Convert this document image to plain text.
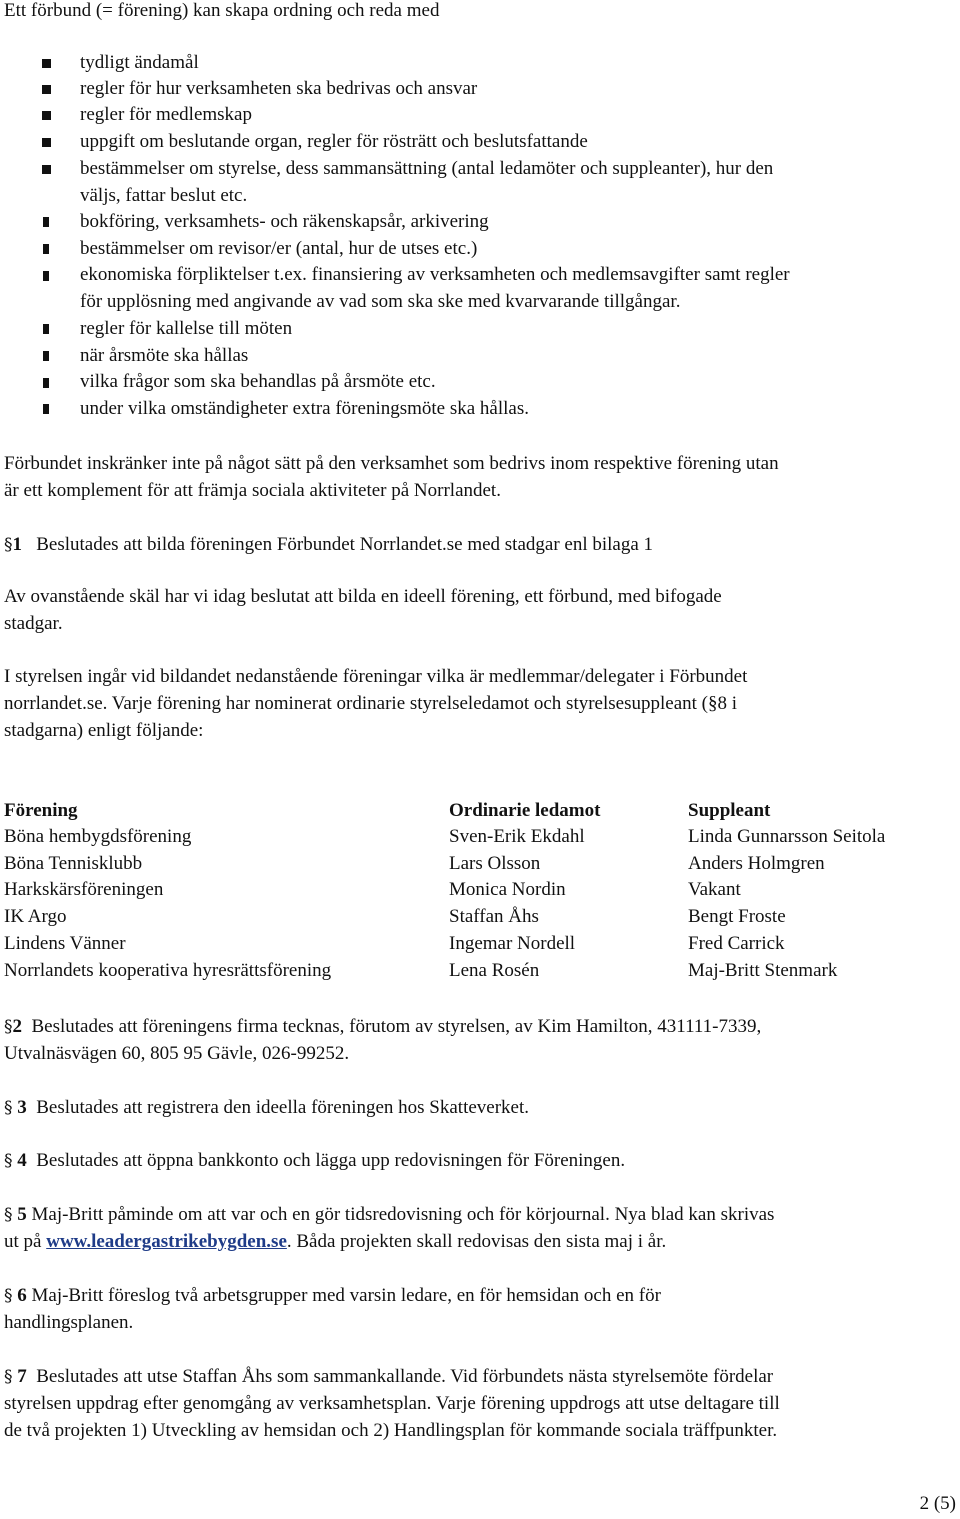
Ett förbund (= förening) kan skapa ordning och reda med
tydligt ändamål
regler för hur verksamheten ska bedrivas och ansvar
regler för medlemskap
uppgift om beslutande organ, regler för rösträtt och beslutsfattande
bestämmelser om styrelse, dess sammansättning (antal ledamöter och suppleanter), hur den
väljs, fattar beslut etc.
bokföring, verksamhets- och räkenskapsår, arkivering
bestämmelser om revisor/er (antal, hur de utses etc.)
ekonomiska förpliktelser t.ex. finansiering av verksamheten och medlemsavgifter samt regler
för upplösning med angivande av vad som ska ske med kvarvarande tillgångar.
regler för kallelse till möten
när årsmöte ska hållas
vilka frågor som ska behandlas på årsmöte etc.
under vilka omständigheter extra föreningsmöte ska hållas.
Förbundet inskränker inte på något sätt på den verksamhet som bedrivs inom respektive förening utan
är ett komplement för att främja sociala aktiviteter på Norrlandet.
§1 Beslutades att bilda föreningen Förbundet Norrlandet.se med stadgar enl bilaga 1
Av ovanstående skäl har vi idag beslutat att bilda en ideell förening, ett förbund, med bifogade
stadgar.
I styrelsen ingår vid bildandet nedanstående föreningar vilka är medlemmar/delegater i Förbundet
norrlandet.se. Varje förening har nominerat ordinarie styrelseledamot och styrelsesuppleant (§8 i
stadgarna) enligt följande:
Förening	Ordinarie ledamot	Suppleant
Böna hembygdsförening	Sven-Erik Ekdahl	Linda Gunnarsson Seitola
Böna Tennisklubb	Lars Olsson	Anders Holmgren
Harkskärsföreningen	Monica Nordin	Vakant
IK Argo	Staffan Åhs	Bengt Froste
Lindens Vänner	Ingemar Nordell	Fred Carrick
Norrlandets kooperativa hyresrättsförening	Lena Rosén	Maj-Britt Stenmark
§2 Beslutades att föreningens firma tecknas, förutom av styrelsen, av Kim Hamilton, 431111-7339,
Utvalnäsvägen 60, 805 95 Gävle, 026-99252.
§ 3 Beslutades att registrera den ideella föreningen hos Skatteverket.
§ 4 Beslutades att öppna bankkonto och lägga upp redovisningen för Föreningen.
§ 5 Maj-Britt påminde om att var och en gör tidsredovisning och för körjournal. Nya blad kan skrivas
ut på www.leadergastrikebygden.se. Båda projekten skall redovisas den sista maj i år.
§ 6 Maj-Britt föreslog två arbetsgrupper med varsin ledare, en för hemsidan och en för
handlingsplanen.
§ 7 Beslutades att utse Staffan Åhs som sammankallande. Vid förbundets nästa styrelsemöte fördelar
styrelsen uppdrag efter genomgång av verksamhetsplan. Varje förening uppdrogs att utse deltagare till
de två projekten 1) Utveckling av hemsidan och 2) Handlingsplan för kommande sociala träffpunkter.
2 (5)
